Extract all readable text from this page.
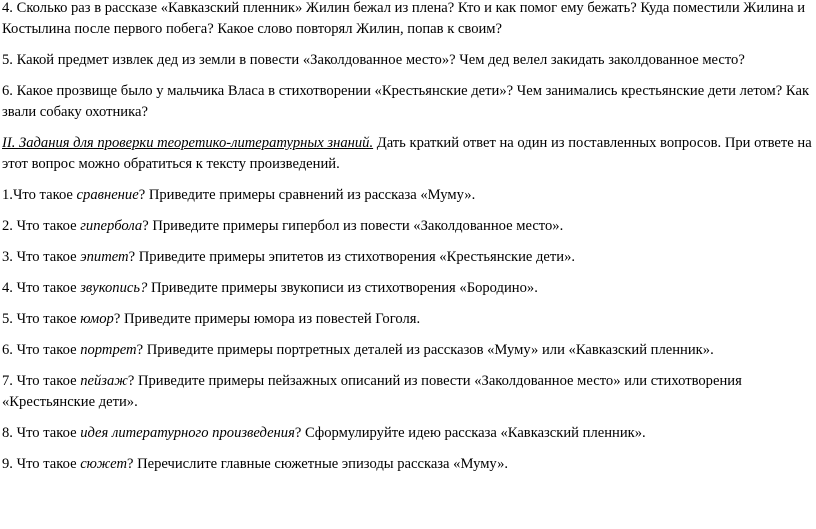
4. Сколько раз в рассказе «Кавказский пленник» Жилин бежал из плена? Кто и как помог ему бежать? Куда поместили Жилина и Костылина после первого побега? Какое слово повторял Жилин, попав к своим?

5. Какой предмет извлек дед из земли в повести «Заколдованное место»? Чем дед велел закидать заколдованное место?

6. Какое прозвище было у мальчика Власа в стихотворении «Крестьянские дети»? Чем занимались крестьянские дети летом? Как звали собаку охотника?

II. Задания для проверки теоретико-литературных знаний. Дать краткий ответ на один из поставленных вопросов. При ответе на этот вопрос можно обратиться к тексту произведений.

1.Что такое сравнение? Приведите примеры сравнений из рассказа «Муму».

2. Что такое гипербола? Приведите примеры гипербол из повести «Заколдованное место».

3. Что такое эпитет? Приведите примеры эпитетов из стихотворения «Крестьянские дети».

4. Что такое звукопись? Приведите примеры звукописи из стихотворения «Бородино».

5. Что такое юмор? Приведите примеры юмора из повестей Гоголя.

6. Что такое портрет? Приведите примеры портретных деталей из рассказов «Муму» или «Кавказский пленник».

7. Что такое пейзаж? Приведите примеры пейзажных описаний из повести «Заколдованное место» или стихотворения «Крестьянские дети».

8. Что такое идея литературного произведения? Сформулируйте идею рассказа «Кавказский пленник».

9. Что такое сюжет? Перечислите главные сюжетные эпизоды рассказа «Муму».
